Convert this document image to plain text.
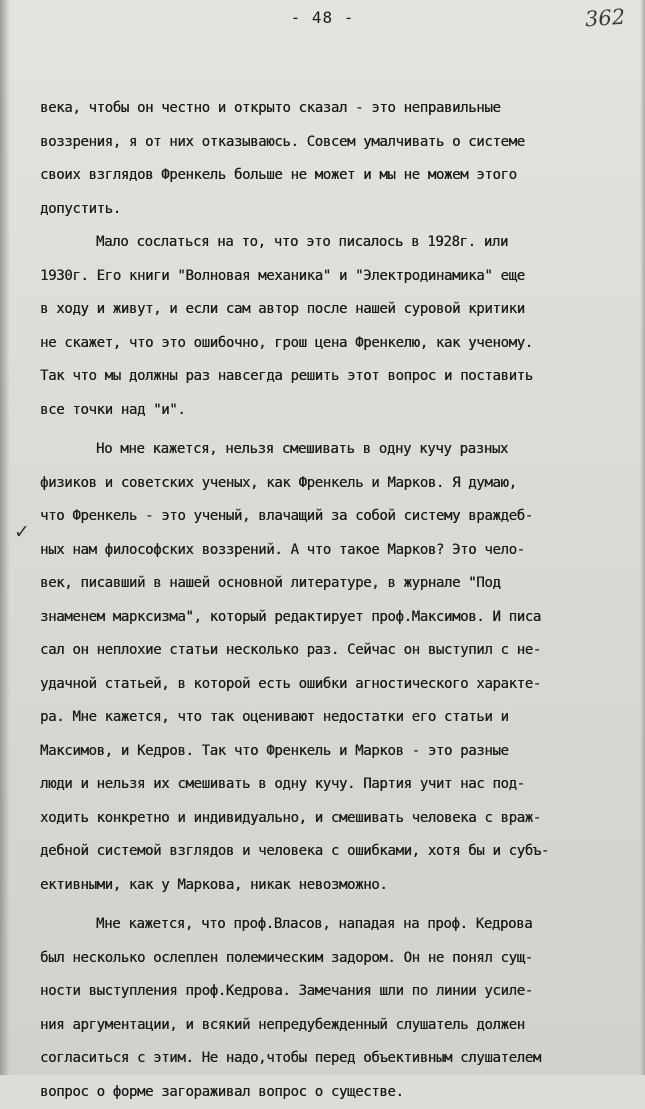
- 48 -	362
✓
века, чтобы он честно и открыто сказал - это неправильные
воззрения, я от них отказываюсь. Совсем умалчивать о системе
своих взглядов Френкель больше не может и мы не можем этого
допустить.
Мало сослаться на то, что это писалось в 1928г. или
1930г. Его книги "Волновая механика" и "Электродинамика" еще
в ходу и живут, и если сам автор после нашей суровой критики
не скажет, что это ошибочно, грош цена Френкелю, как ученому.
Так что мы должны раз навсегда решить этот вопрос и поставить
все точки над "и".
Но мне кажется, нельзя смешивать в одну кучу разных
физиков и советских ученых, как Френкель и Марков. Я думаю,
что Френкель - это ученый, влачащий за собой систему враждеб-
ных нам философских воззрений. А что такое Марков? Это чело-
век, писавший в нашей основной литературе, в журнале "Под
знаменем марксизма", который редактирует проф.Максимов. И писа
сал он неплохие статьи несколько раз. Сейчас он выступил с не-
удачной статьей, в которой есть ошибки агностического характе-
ра. Мне кажется, что так оценивают недостатки его статьи и
Максимов, и Кедров. Так что Френкель и Марков - это разные
люди и нельзя их смешивать в одну кучу. Партия учит нас под-
ходить конкретно и индивидуально, и смешивать человека с враж-
дебной системой взглядов и человека с ошибками, хотя бы и субъ-
ективными, как у Маркова, никак невозможно.
Мне кажется, что проф.Власов, нападая на проф. Кедрова
был несколько ослеплен полемическим задором. Он не понял сущ-
ности выступления проф.Кедрова. Замечания шли по линии усиле-
ния аргументации, и всякий непредубежденный слушатель должен
согласиться с этим. Не надо,чтобы перед объективным слушателем
вопрос о форме загораживал вопрос о существе.
